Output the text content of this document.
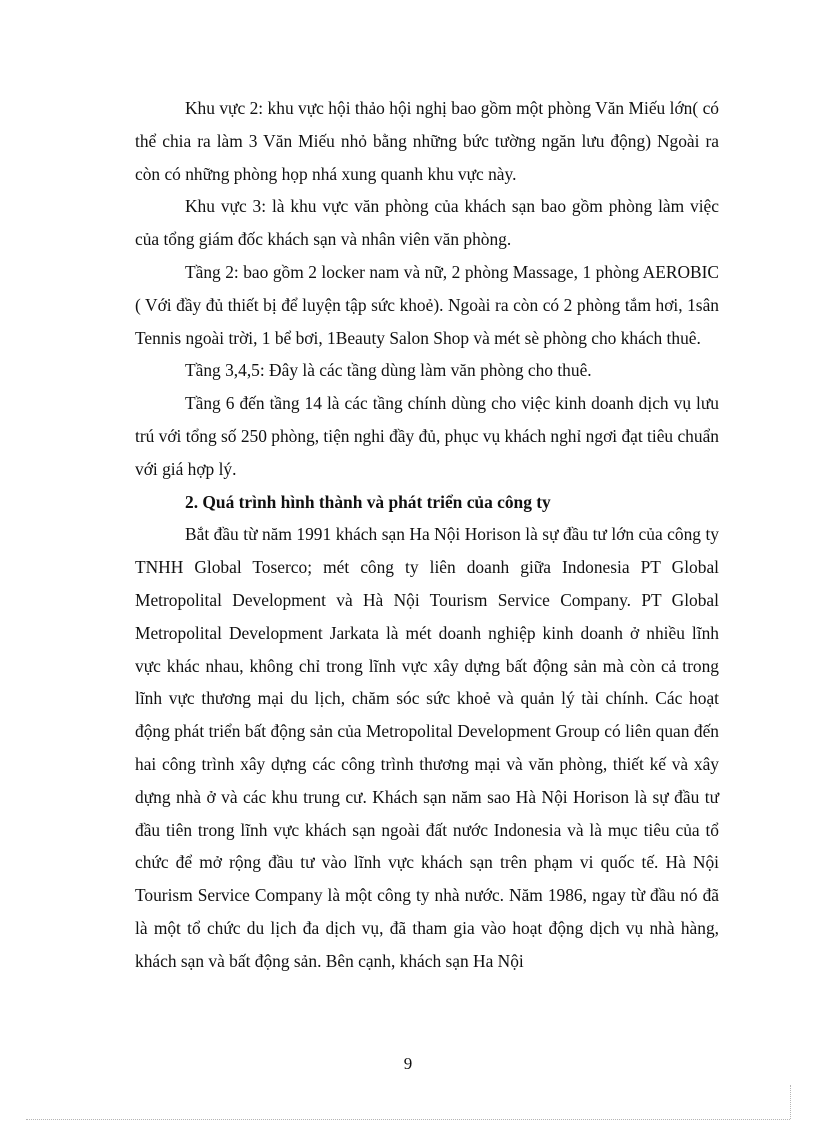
Khu vực 2: khu vực hội thảo hội nghị bao gồm một phòng Văn Miếu lớn( có thể chia ra làm 3 Văn Miếu nhỏ bằng những bức tường ngăn lưu động) Ngoài ra còn có những phòng họp nhá xung quanh khu vực này.

Khu vực 3: là khu vực văn phòng của khách sạn bao gồm phòng làm việc của tổng giám đốc khách sạn và nhân viên văn phòng.

Tầng 2: bao gồm 2 locker nam và nữ, 2 phòng Massage, 1 phòng AEROBIC ( Với đầy đủ thiết bị để luyện tập sức khoẻ). Ngoài ra còn có 2 phòng tắm hơi, 1sân Tennis ngoài trời, 1 bể bơi, 1Beauty Salon Shop và mét sè phòng cho khách thuê.

Tầng 3,4,5: Đây là các tầng dùng làm văn phòng cho thuê.

Tầng 6 đến tầng 14 là các tầng chính dùng cho việc kinh doanh dịch vụ lưu trú với tổng số 250 phòng, tiện nghi đầy đủ, phục vụ khách nghỉ ngơi đạt tiêu chuẩn với giá hợp lý.

2. Quá trình hình thành và phát triển của công ty

Bắt đầu từ năm 1991 khách sạn Ha Nội Horison là sự đầu tư lớn của công ty TNHH Global Toserco; mét công ty liên doanh giữa Indonesia PT Global Metropolital Development và Hà Nội Tourism Service Company. PT Global Metropolital Development Jarkata là mét doanh nghiệp kinh doanh ở nhiều lĩnh vực khác nhau, không chỉ trong lĩnh vực xây dựng bất động sản mà còn cả trong lĩnh vực thương mại du lịch, chăm sóc sức khoẻ và quản lý tài chính. Các hoạt động phát triển bất động sản của Metropolital Development Group có liên quan đến hai công trình xây dựng các công trình thương mại và văn phòng, thiết kế và xây dựng nhà ở và các khu trung cư. Khách sạn năm sao Hà Nội Horison là sự đầu tư đầu tiên trong lĩnh vực khách sạn ngoài đất nước Indonesia và là mục tiêu của tổ chức để mở rộng đầu tư vào lĩnh vực khách sạn trên phạm vi quốc tế. Hà Nội Tourism Service Company là một công ty nhà nước. Năm 1986, ngay từ đầu nó đã là một tổ chức du lịch đa dịch vụ, đã tham gia vào hoạt động dịch vụ nhà hàng, khách sạn và bất động sản. Bên cạnh, khách sạn Ha Nội

9
